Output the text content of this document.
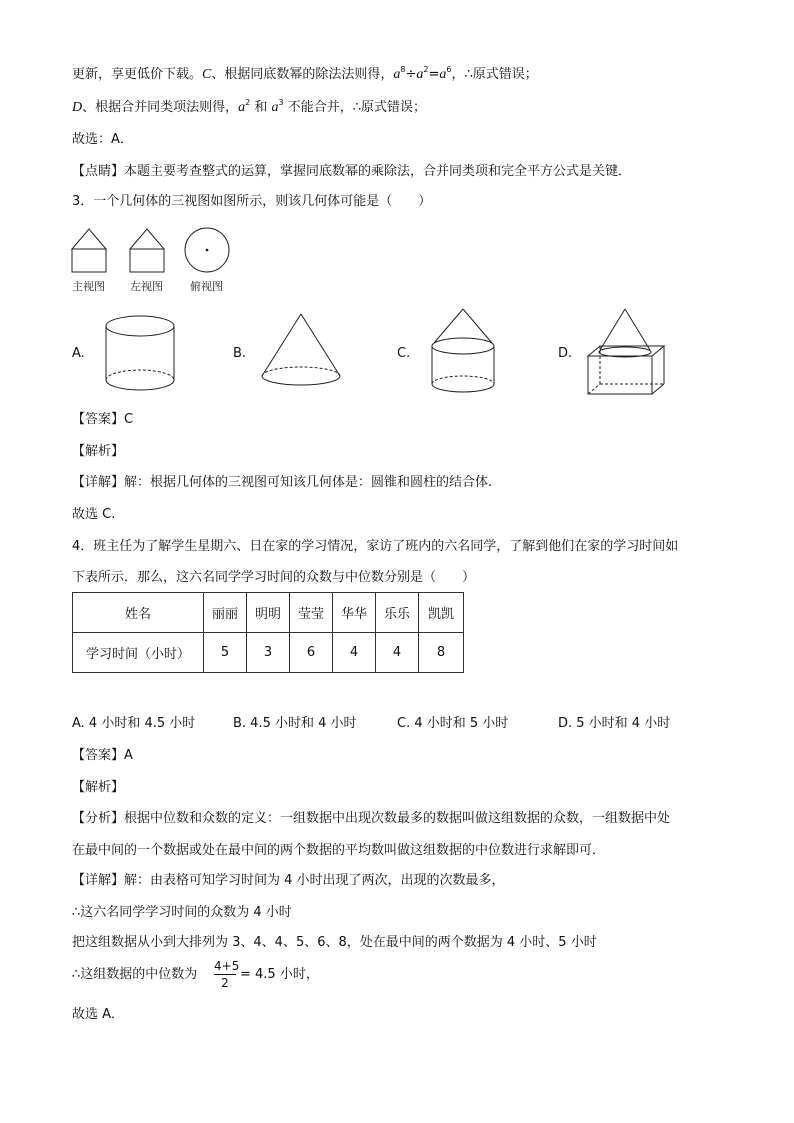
更新，享更低价下载。C、根据同底数幂的除法法则得，$a^8\div a^2=a^6$，∴原式错误；
D、根据合并同类项法则得，$a^2$ 和 $a^3$ 不能合并，∴原式错误；
故选：A．
【点睛】本题主要考查整式的运算，掌握同底数幂的乘除法，合并同类项和完全平方公式是关键．
3．一个几何体的三视图如图所示，则该几何体可能是（　　）
主视图 左视图 俯视图
A.	B.	C.	D.
【答案】C
【解析】
【详解】解：根据几何体的三视图可知该几何体是：圆锥和圆柱的结合体.
故选 C.
4．班主任为了解学生星期六、日在家的学习情况，家访了班内的六名同学，了解到他们在家的学习时间如
下表所示．那么，这六名同学学习时间的众数与中位数分别是（　　）
姓名	丽丽	明明	莹莹	华华	乐乐	凯凯
学习时间（小时）	5	3	6	4	4	8
A. 4 小时和 4.5 小时	B. 4.5 小时和 4 小时	C. 4 小时和 5 小时	D. 5 小时和 4 小时
【答案】A
【解析】
【分析】根据中位数和众数的定义：一组数据中出现次数最多的数据叫做这组数据的众数，一组数据中处
在最中间的一个数据或处在最中间的两个数据的平均数叫做这组数据的中位数进行求解即可．
【详解】解：由表格可知学习时间为 4 小时出现了两次，出现的次数最多，
∴这六名同学学习时间的众数为 4 小时
把这组数据从小到大排列为 3、4、4、5、6、8，处在最中间的两个数据为 4 小时、5 小时
∴这组数据的中位数为 $\frac{4+5}{2} = 4.5$ 小时，
故选 A．
